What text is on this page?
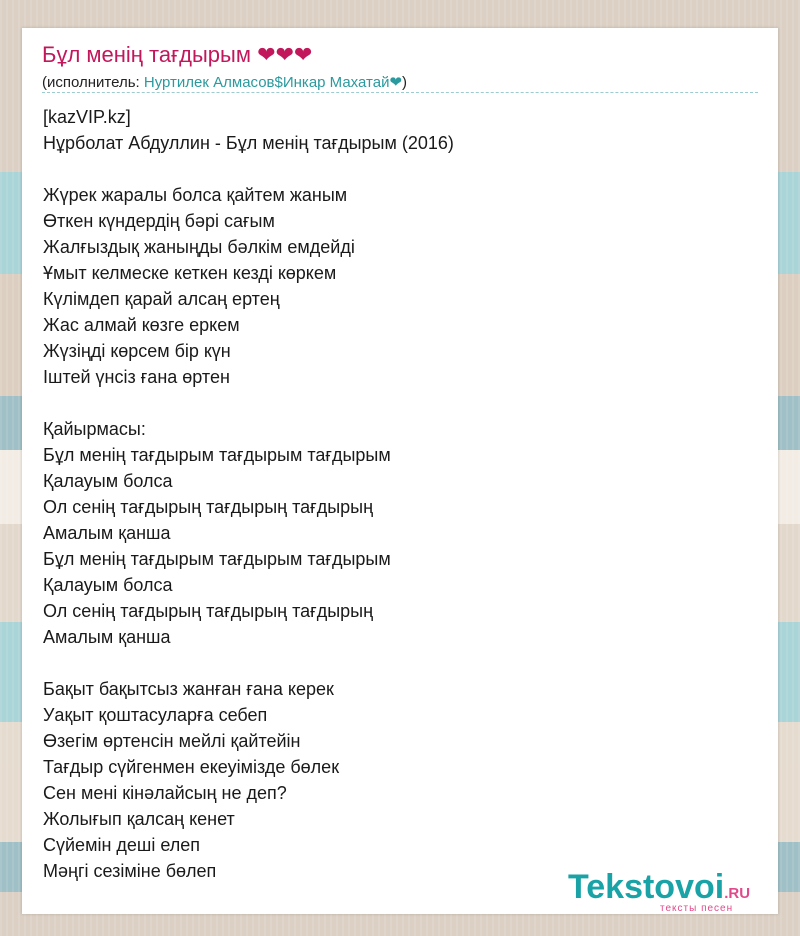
Бұл менің тағдырым ❤❤❤
(исполнитель: Нуртилек Алмасов$Инкар Махатай❤)
[kazVIP.kz]
Нұрболат Абдуллин - Бұл менің тағдырым (2016)
Жүрек жаралы болса қайтем жаным
Өткен күндердің бәрі сағым
Жалғыздық жаныңды бәлкім емдейді
Ұмыт келмеске кеткен кезді көркем
Күлімдеп қарай алсаң ертең
Жас алмай көзге еркем
Жүзіңді көрсем бір күн
Іштей үнсіз ғана өртен
Қайырмасы:
Бұл менің тағдырым тағдырым тағдырым
Қалауым болса
Ол сенің тағдырың тағдырың тағдырың
Амалым қанша
Бұл менің тағдырым тағдырым тағдырым
Қалауым болса
Ол сенің тағдырың тағдырың тағдырың
Амалым қанша
Бақыт бақытсыз жанған ғана керек
Уақыт қоштасуларға себеп
Өзегім өртенсін мейлі қайтейін
Тағдыр сүйгенмен екеуімізде бөлек
Сен мені кінәлайсың не деп?
Жолығып қалсаң кенет
Сүйемін деші елеп
Мәңгі сезіміне бөлеп	Tekstovoi.RU
тексты песен
